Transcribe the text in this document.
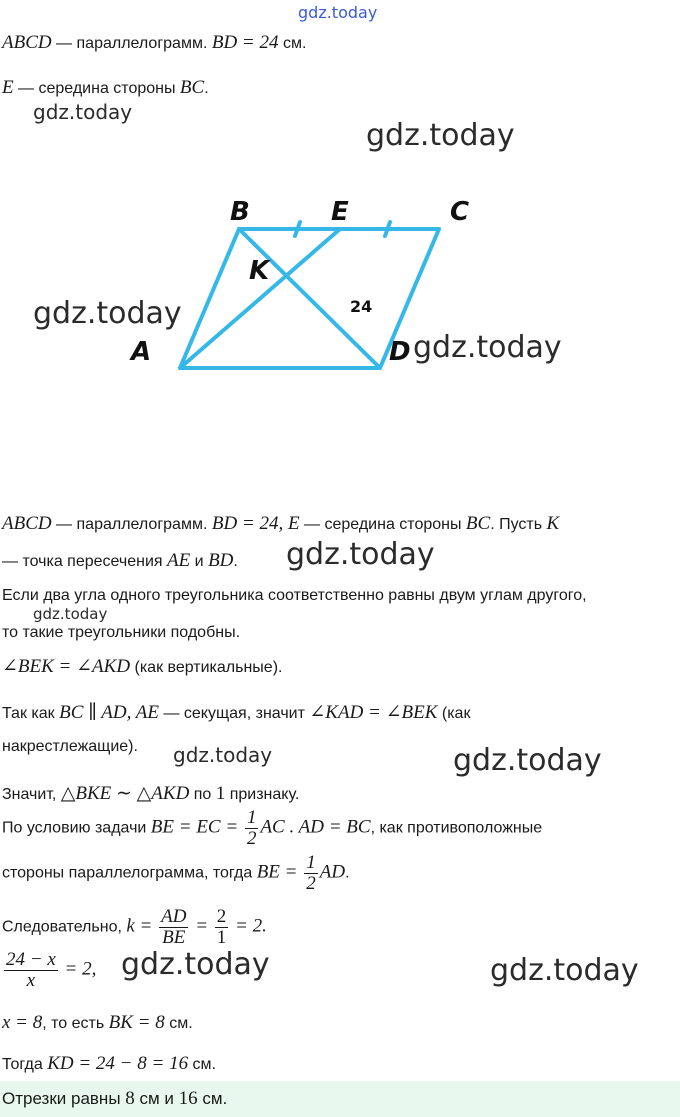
gdz.today
ABCD — параллелограмм. BD = 24 см.
E — середина стороны BC.
gdz.today
gdz.today
B	E	C
K
A	D
24
gdz.today
gdz.today
ABCD — параллелограмм. BD = 24, E — середина стороны BC. Пусть K
— точка пересечения AE и BD. gdz.today
Если два угла одного треугольника соответственно равны двум углам другого,
gdz.today
то такие треугольники подобны.
∠BEK = ∠AKD (как вертикальные).
Так как BC ∥ AD, AE — секущая, значит ∠KAD = ∠BEK (как
накрестлежащие). gdz.today	gdz.today
Значит, △BKE ∼ △AKD по 1 признаку.
По условию задачи BE = EC = $\frac{1}{2}$ AC . AD = BC, как противоположные
стороны параллелограмма, тогда BE = $\frac{1}{2}$ AD.
Следовательно, $k = \frac{AD}{BE} = \frac{2}{1} = 2$.
$\frac{24 - x}{x} = 2$, gdz.today	gdz.today
x = 8, то есть BK = 8 см.
Тогда KD = 24 − 8 = 16 см.
Отрезки равны 8 см и 16 см.
